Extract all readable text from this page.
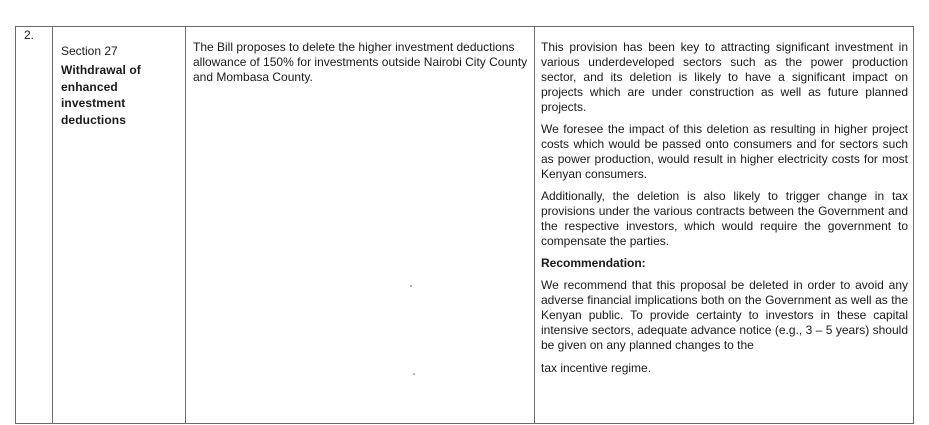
2.
Section 27
Withdrawal of enhanced investment deductions
The Bill proposes to delete the higher investment deductions allowance of 150% for investments outside Nairobi City County and Mombasa County.

This provision has been key to attracting significant investment in various underdeveloped sectors such as the power production sector, and its deletion is likely to have a significant impact on projects which are under construction as well as future planned projects.

We foresee the impact of this deletion as resulting in higher project costs which would be passed onto consumers and for sectors such as power production, would result in higher electricity costs for most Kenyan consumers.

Additionally, the deletion is also likely to trigger change in tax provisions under the various contracts between the Government and the respective investors, which would require the government to compensate the parties.

Recommendation:

We recommend that this proposal be deleted in order to avoid any adverse financial implications both on the Government as well as the Kenyan public. To provide certainty to investors in these capital intensive sectors, adequate advance notice (e.g., 3 – 5 years) should be given on any planned changes to the

tax incentive regime.
